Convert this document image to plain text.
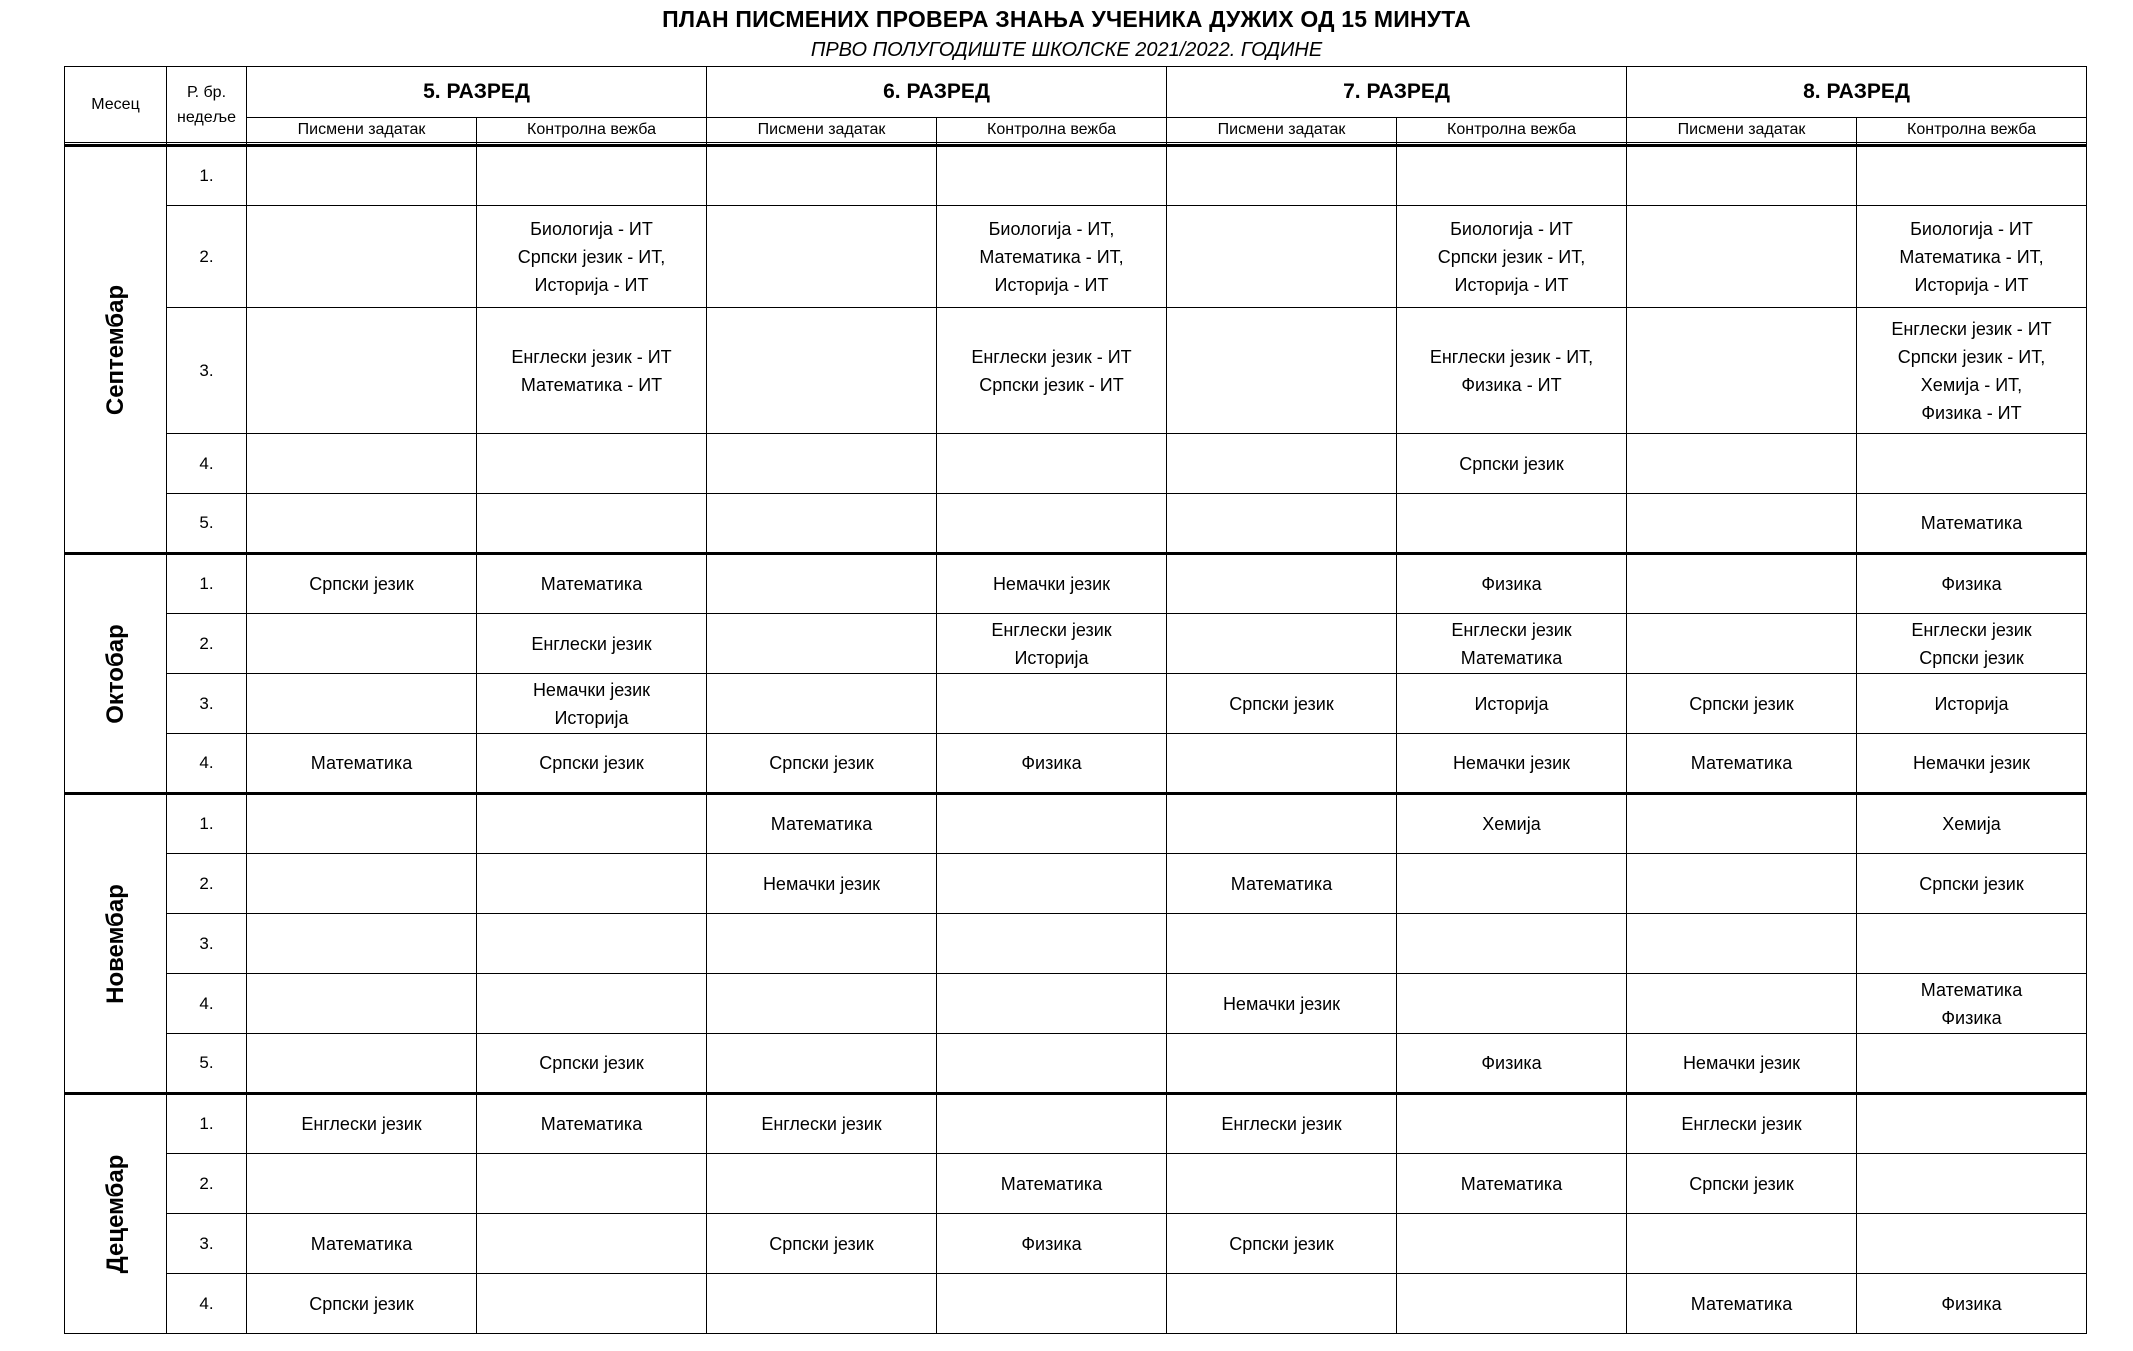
ПЛАН ПИСМЕНИХ ПРОВЕРА ЗНАЊА УЧЕНИКА ДУЖИХ ОД 15 МИНУТА
ПРВО ПОЛУГОДИШТЕ ШКОЛСКЕ 2021/2022. ГОДИНЕ
Месец	Р. бр. недеље	5. РАЗРЕД		6. РАЗРЕД		7. РАЗРЕД		8. РАЗРЕД	
		Писмени задатак	Контролна вежба	Писмени задатак	Контролна вежба	Писмени задатак	Контролна вежба	Писмени задатак	Контролна вежба

Септембар	1.	

	2.		Биологија - ИТ
Српски језик - ИТ,
Историја - ИТ		Биологија - ИТ,
Математика - ИТ,
Историја - ИТ		Биологија - ИТ
Српски језик - ИТ,
Историја - ИТ		Биологија - ИТ
Математика - ИТ,
Историја - ИТ

	3.		Енглески језик - ИТ
Математика - ИТ		Енглески језик - ИТ
Српски језик - ИТ		Енглески језик - ИТ,
Физика - ИТ		Енглески језик - ИТ
Српски језик - ИТ,
Хемија - ИТ,
Физика - ИТ

	4.						Српски језик		

	5.								Математика

Октобар	1.	Српски језик	Математика		Немачки језик		Физика		Физика

	2.		Енглески језик		Енглески језик
Историја		Енглески језик
Математика		Енглески језик
Српски језик

	3.		Немачки језик
Историја			Српски језик	Историја	Српски језик	Историја

	4.	Математика	Српски језик	Српски језик	Физика		Немачки језик	Математика	Немачки језик

Новембар	1.			Математика			Хемија		Хемија

	2.			Немачки језик		Математика			Српски језик

	3.	

	4.					Немачки језик			Математика
Физика

	5.		Српски језик				Физика	Немачки језик	

Децембар	1.	Енглески језик	Математика	Енглески језик		Енглески језик		Енглески језик	

	2.				Математика		Математика	Српски језик	

	3.	Математика		Српски језик	Физика	Српски језик			

	4.	Српски језик						Математика	Физика
